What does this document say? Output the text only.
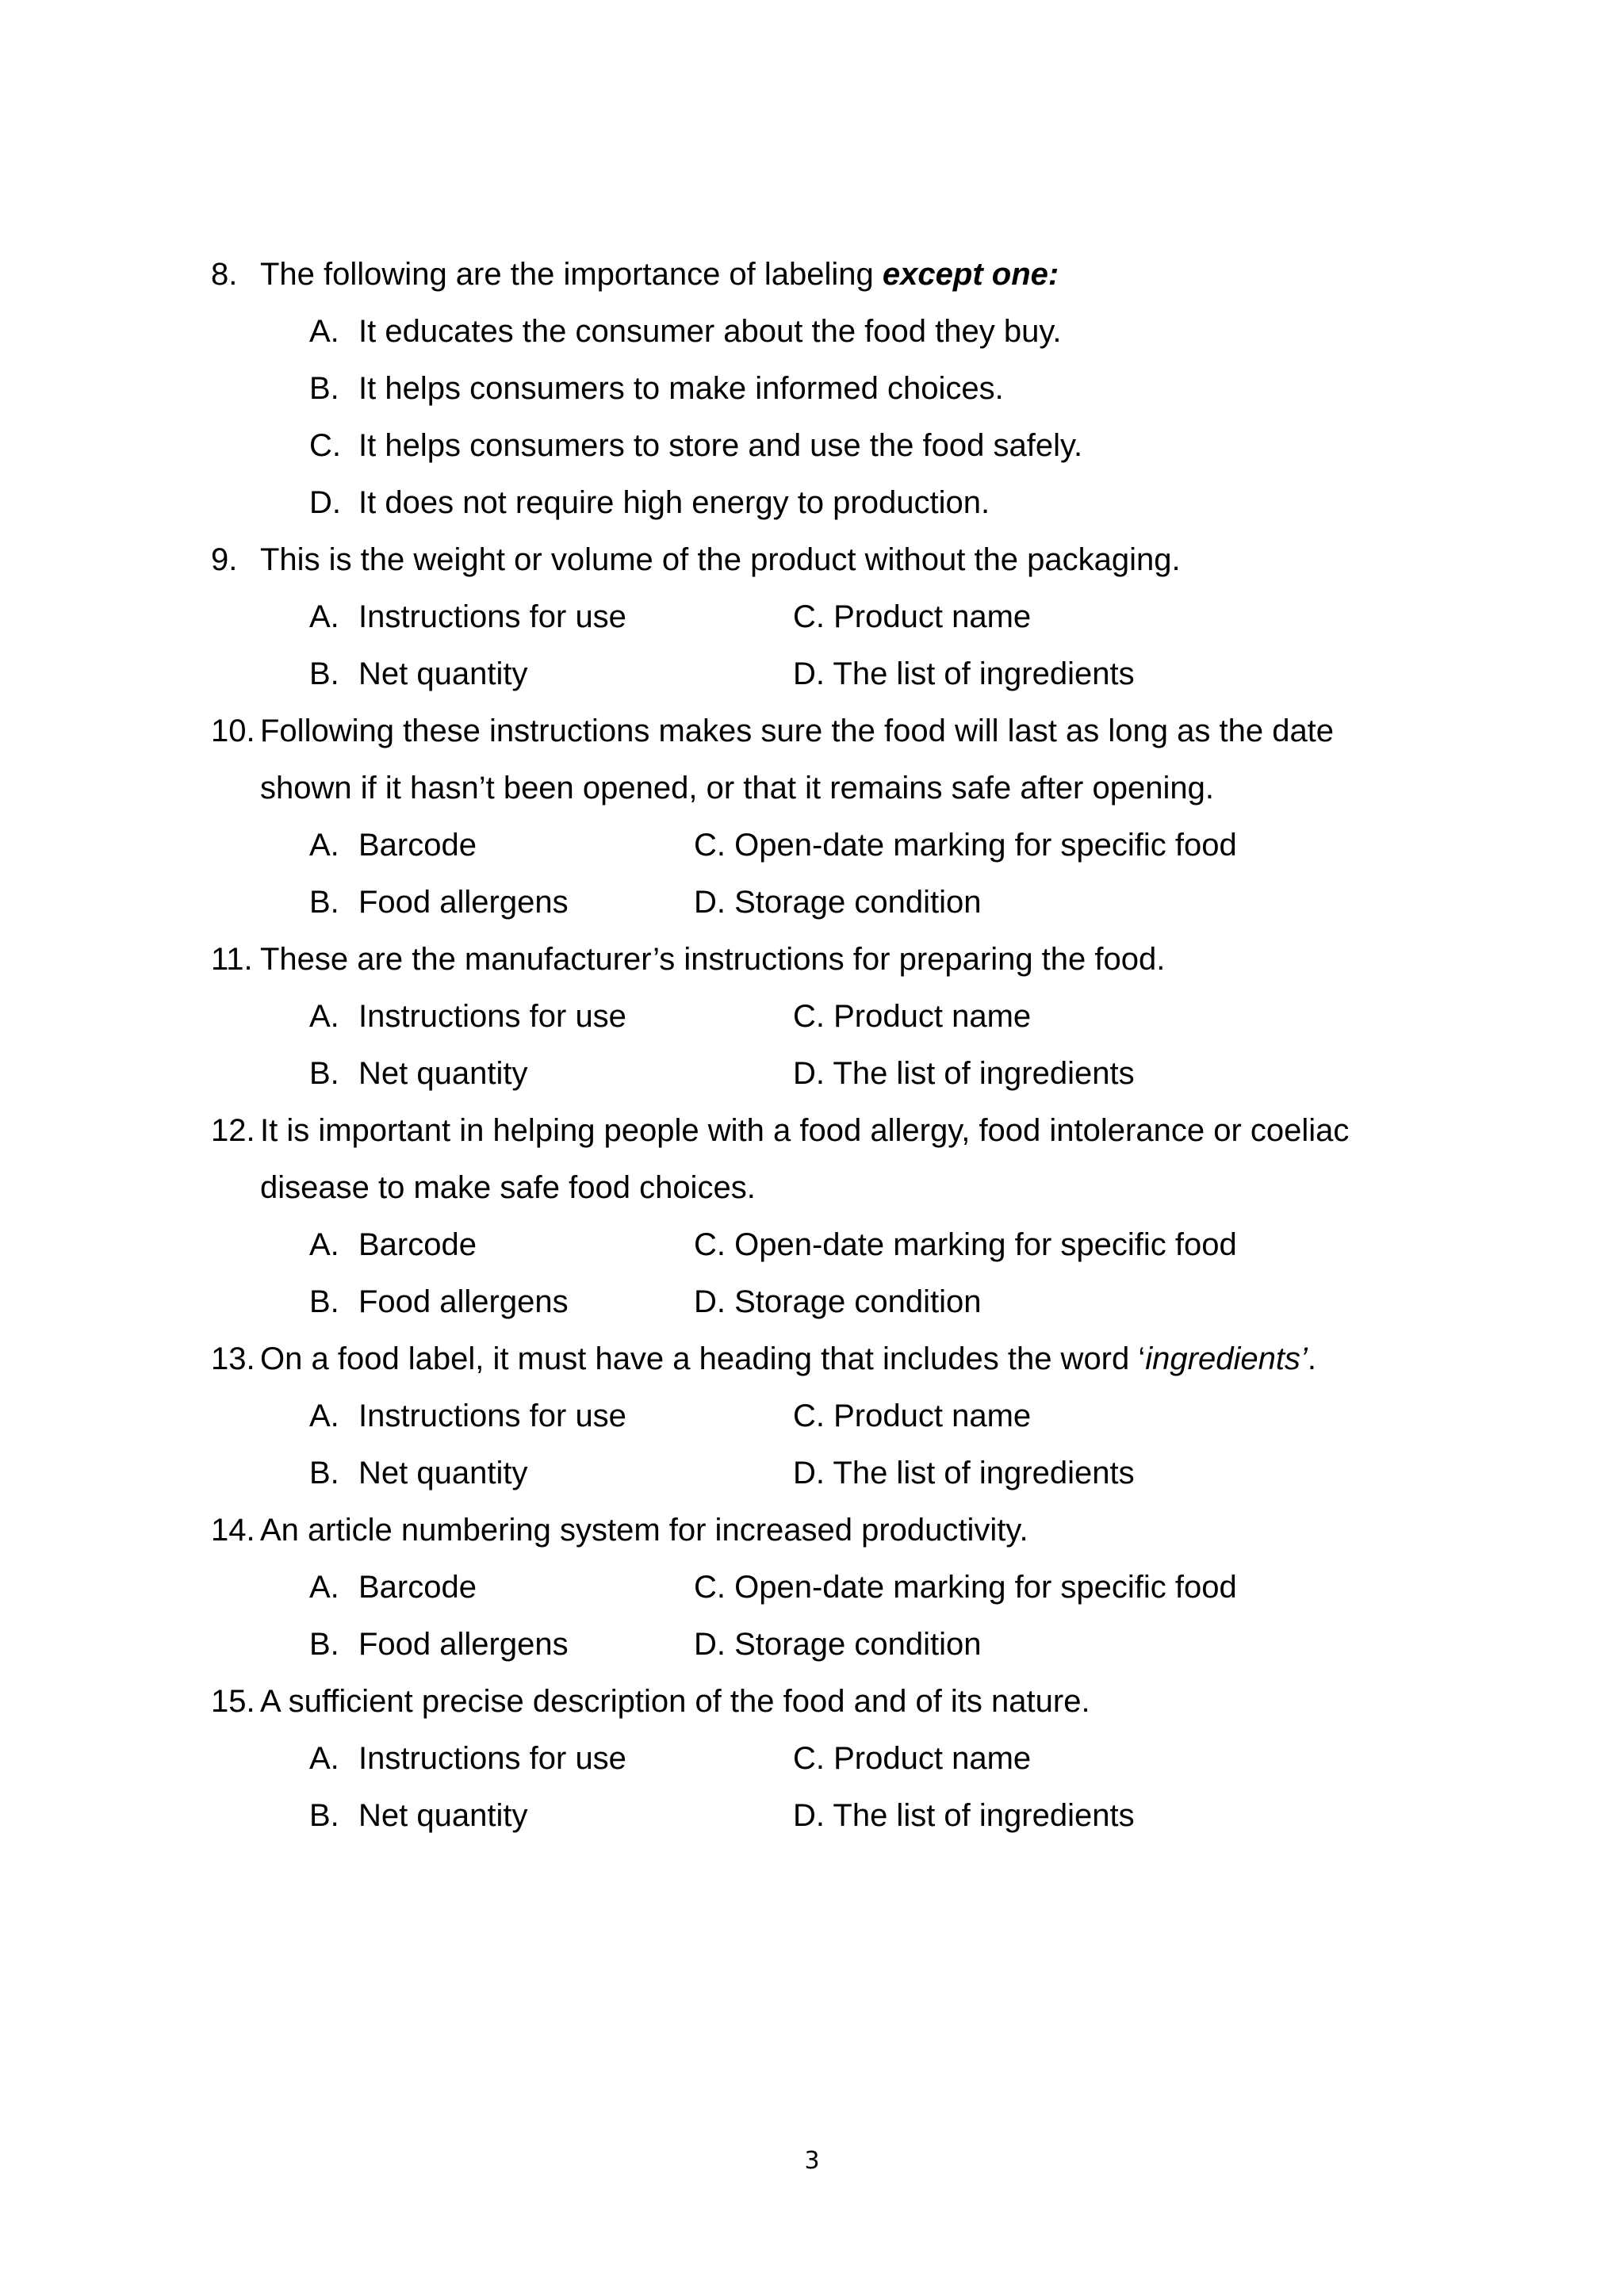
8. The following are the importance of labeling except one:
A. It educates the consumer about the food they buy.
B. It helps consumers to make informed choices.
C. It helps consumers to store and use the food safely.
D. It does not require high energy to production.
9. This is the weight or volume of the product without the packaging.
A. Instructions for use	C. Product name
B. Net quantity	D. The list of ingredients
10. Following these instructions makes sure the food will last as long as the date
shown if it hasn’t been opened, or that it remains safe after opening.
A. Barcode	C. Open-date marking for specific food
B. Food allergens	D. Storage condition
11. These are the manufacturer’s instructions for preparing the food.
A. Instructions for use	C. Product name
B. Net quantity	D. The list of ingredients
12. It is important in helping people with a food allergy, food intolerance or coeliac
disease to make safe food choices.
A. Barcode	C. Open-date marking for specific food
B. Food allergens	D. Storage condition
13. On a food label, it must have a heading that includes the word ‘ingredients’.
A. Instructions for use	C. Product name
B. Net quantity	D. The list of ingredients
14. An article numbering system for increased productivity.
A. Barcode	C. Open-date marking for specific food
B. Food allergens	D. Storage condition
15. A sufficient precise description of the food and of its nature.
A. Instructions for use	C. Product name
B. Net quantity	D. The list of ingredients
3
